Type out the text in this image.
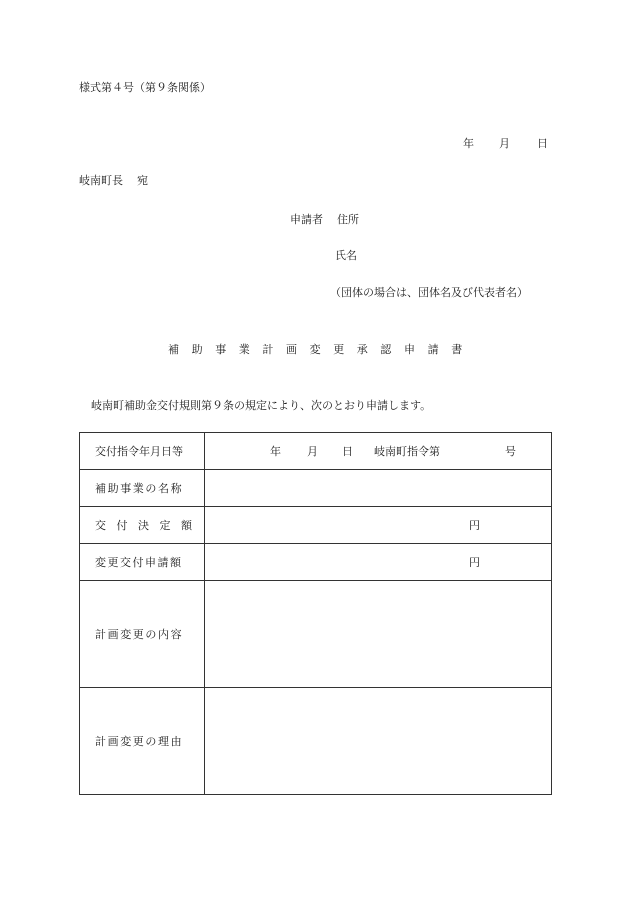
様式第４号（第９条関係）
年 月 日
岐南町長 宛
申請者 住所
氏名
（団体の場合は、団体名及び代表者名）
補助事業計画変更承認申請書
岐南町補助金交付規則第９条の規定により、次のとおり申請します。
交付指令年月日等	年 月 日 岐南町指令第 号

補助事業の名称	
交付決定額	円

変更交付申請額	円

計画変更の内容	
計画変更の理由	
